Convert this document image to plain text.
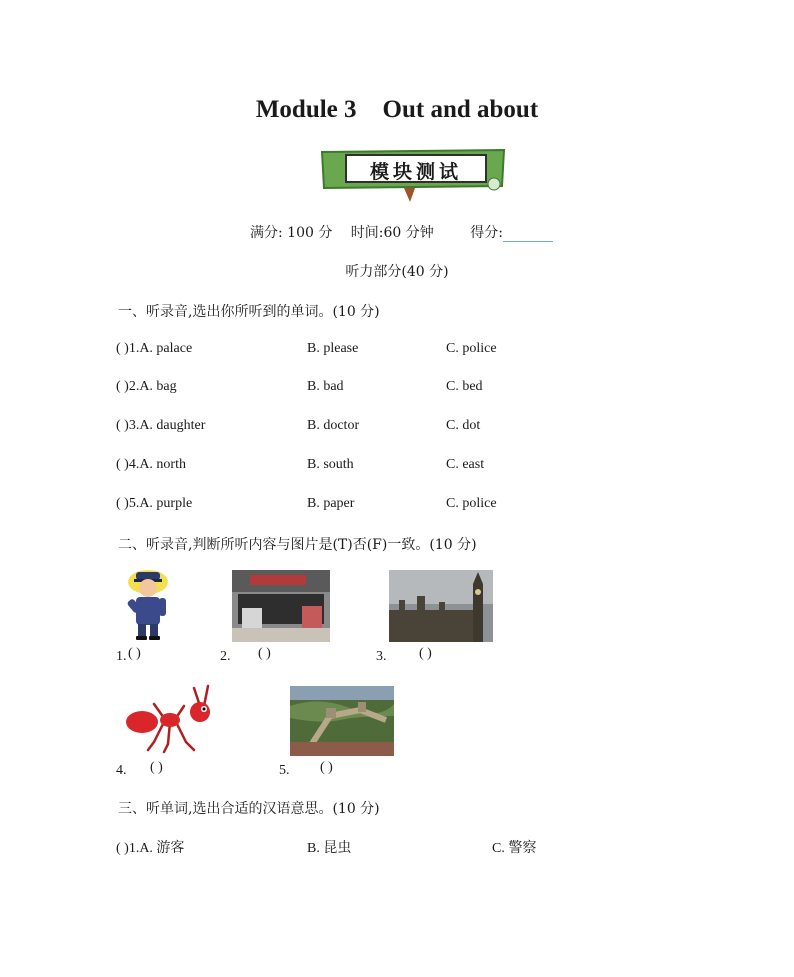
Module 3 Out and about
模块测试
满分: 100 分 时间:60 分钟	得分:
听力部分(40 分)
一、听录音,选出你所听到的单词。(10 分)
( )1.A. palace	B. please	C. police
( )2.A. bag	B. bad	C. bed
( )3.A. daughter	B. doctor	C. dot
( )4.A. north	B. south	C. east
( )5.A. purple	B. paper	C. police
二、听录音,判断所听内容与图片是(T)否(F)一致。(10 分)
1. ( )	2. ( )	3. ( )
4. ( )	5. ( )
三、听单词,选出合适的汉语意思。(10 分)
( )1.A. 游客	B. 昆虫	C. 警察
